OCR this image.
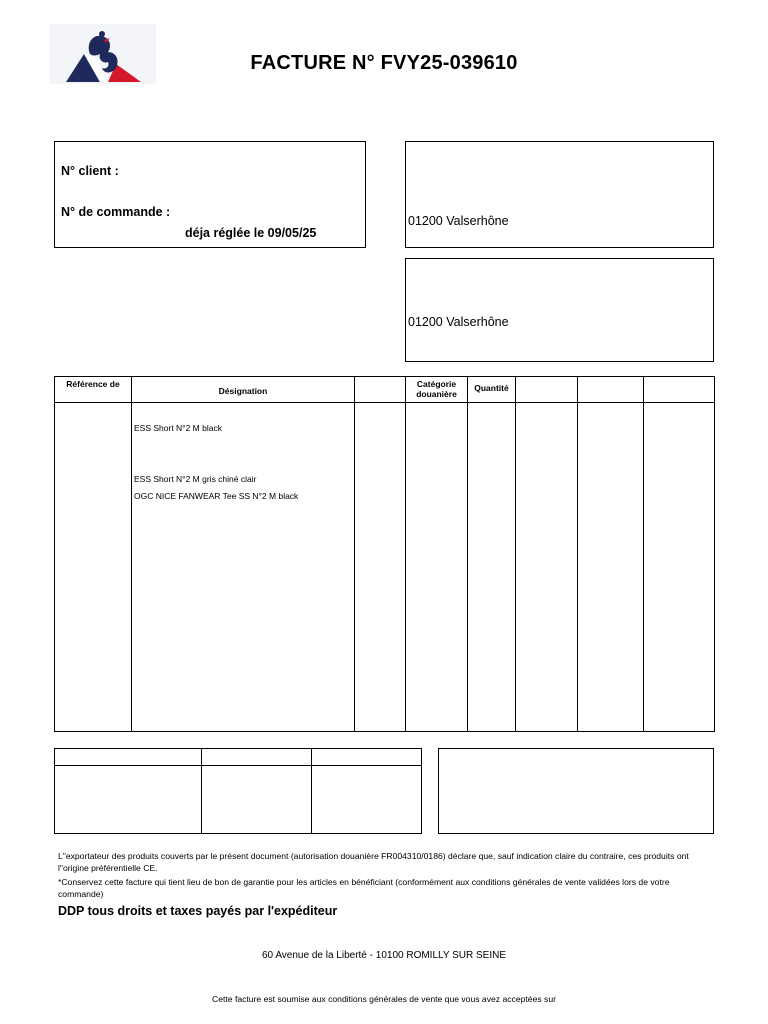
FACTURE N° FVY25-039610
N° client :
N° de commande :
déja réglée le 09/05/25
01200 Valserhône
01200 Valserhône
Référence de	Désignation		Catégorie douanière	Quantité			

ESS Short N°2 M black
ESS Short N°2 M gris chiné clair
OGC NICE FANWEAR Tee SS N°2 M black

L"exportateur des produits couverts par le présent document (autorisation douanière FR004310/0186) déclare que, sauf indication claire du contraire, ces produits ont l"origine préférentielle CE.
*Conservez cette facture qui tient lieu de bon de garantie pour les articles en bénéficiant (conformément aux conditions générales de vente validées lors de votre commande)
DDP tous droits et taxes payés par l'expéditeur
60 Avenue de la Liberté - 10100 ROMILLY SUR SEINE
Cette facture est soumise aux conditions générales de vente que vous avez acceptées sur
